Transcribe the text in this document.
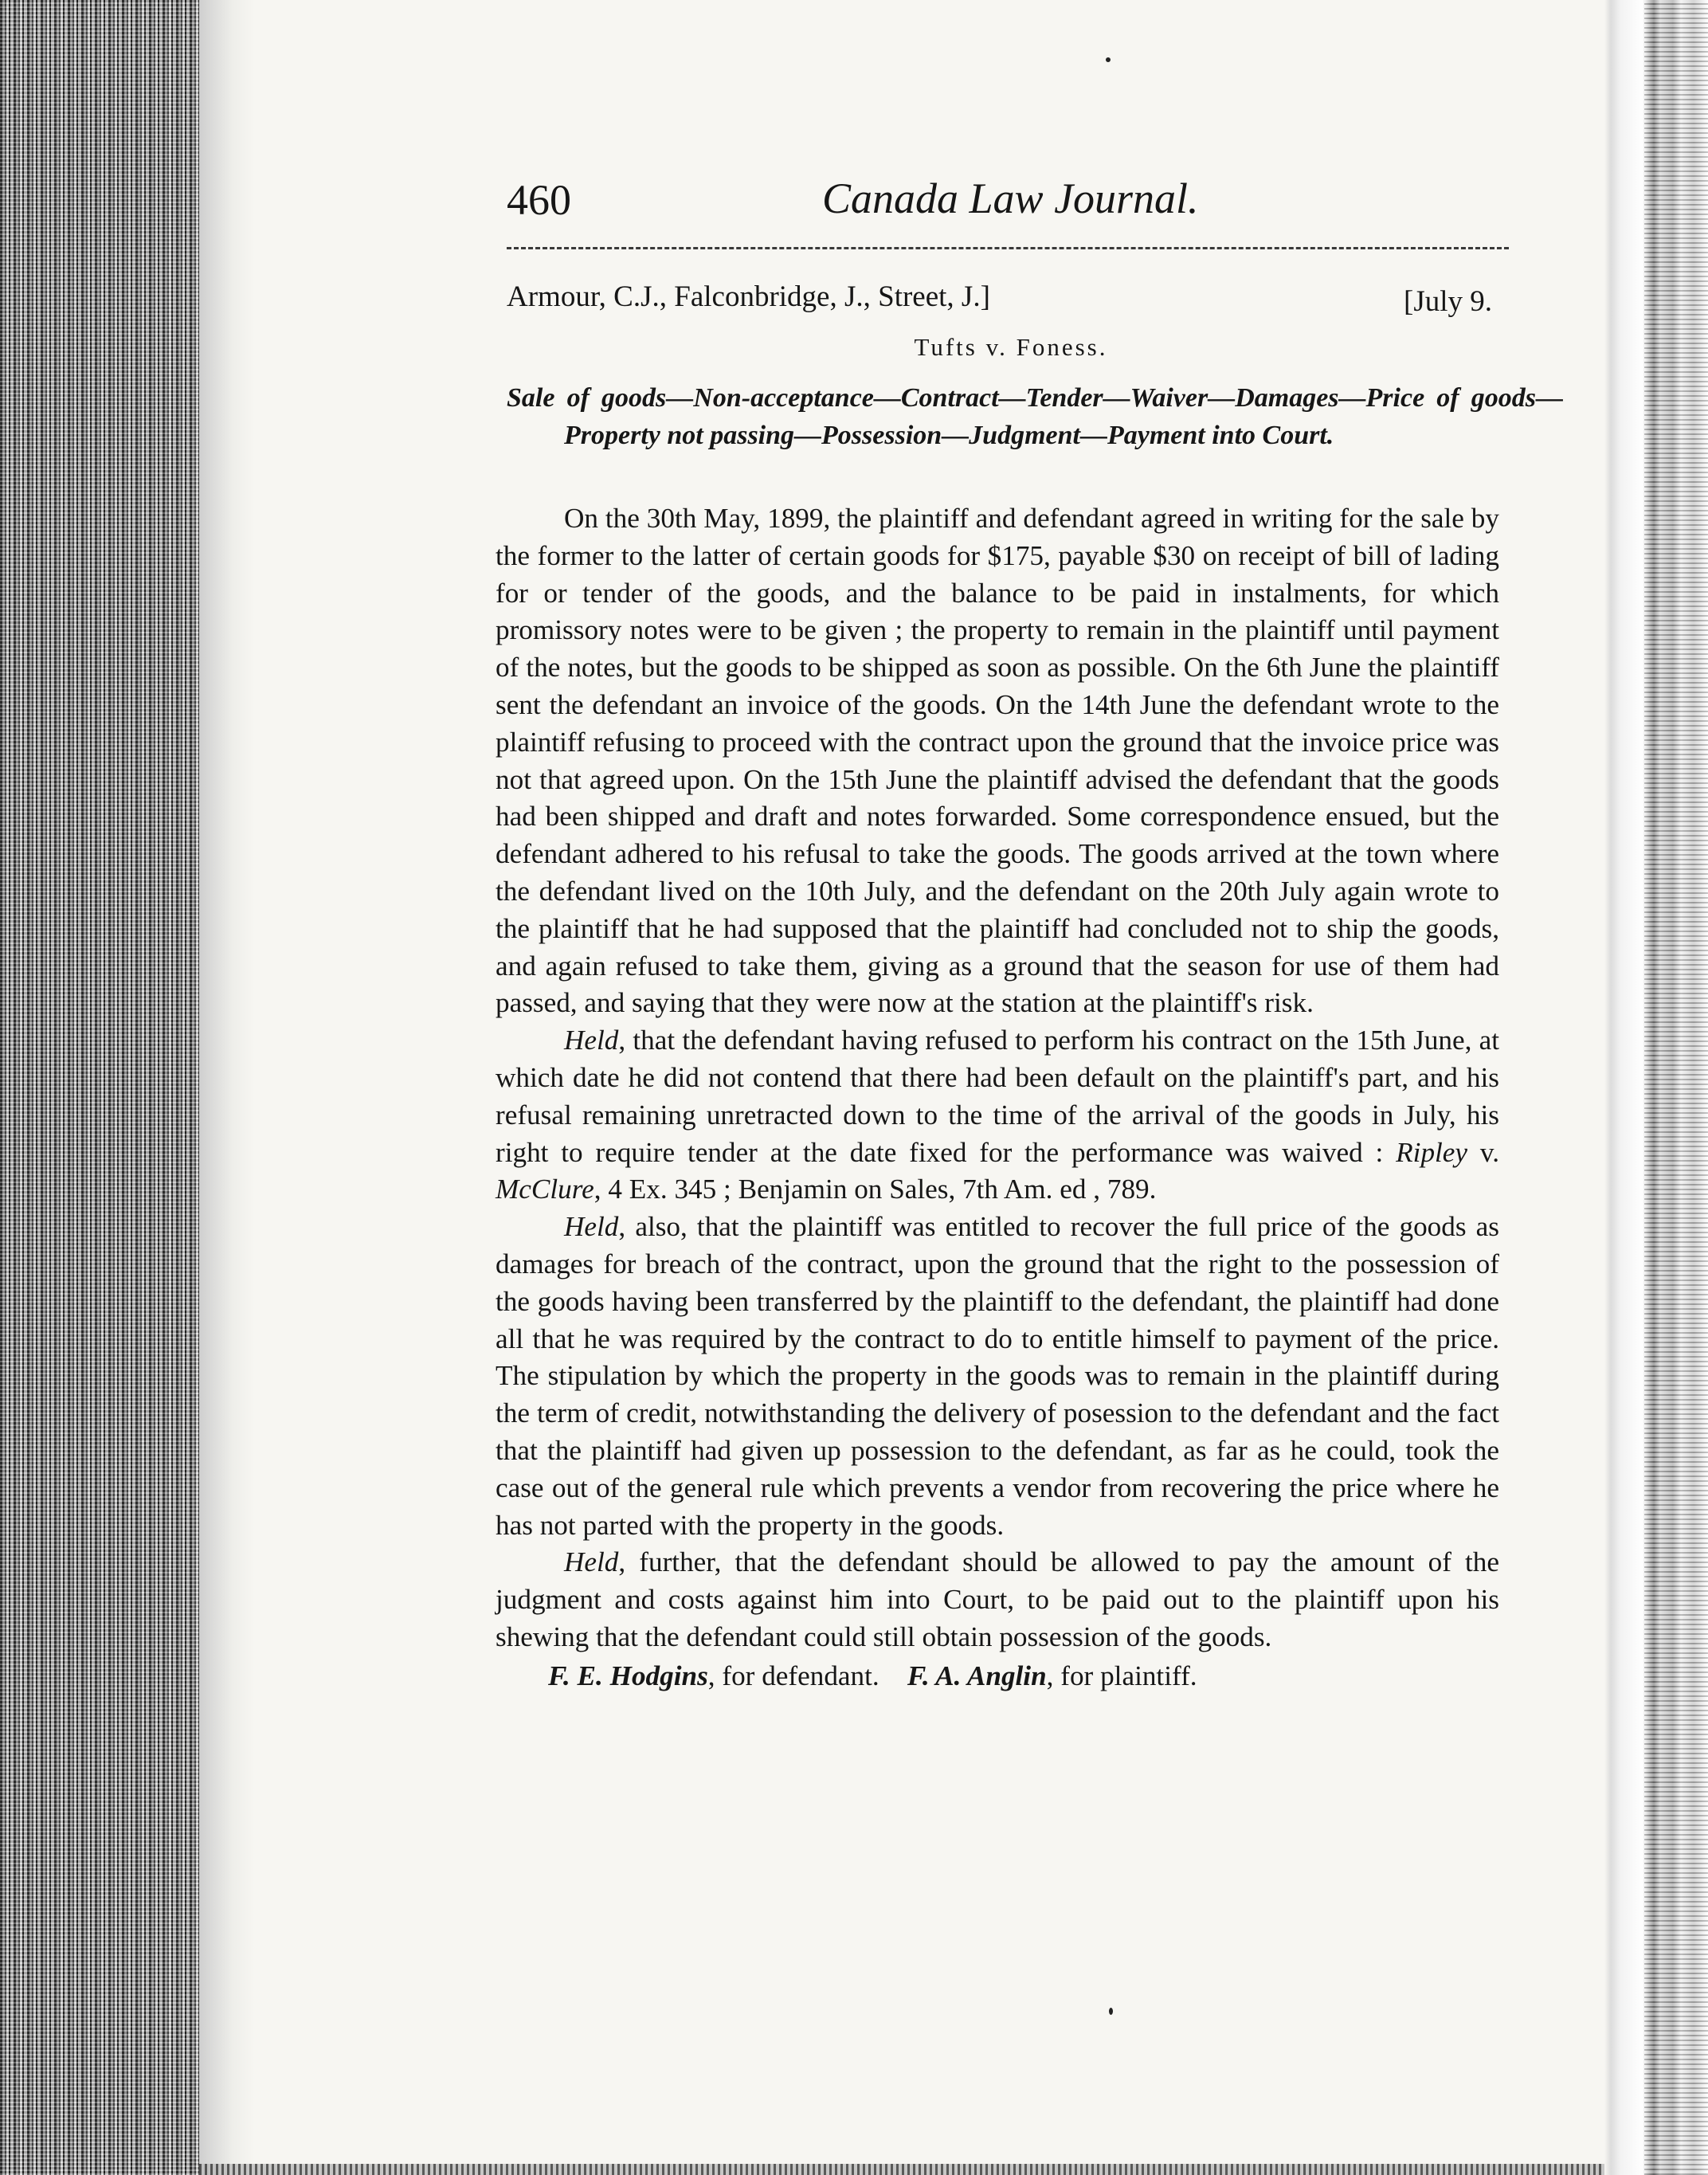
460	Canada Law Journal.
Armour, C.J., Falconbridge, J., Street, J.]	[July 9.
Tufts v. Foness.

Sale of goods—Non-acceptance—Contract—Tender—Waiver—Damages—Price of goods—Property not passing—Possession—Judgment—Payment into Court.

On the 30th May, 1899, the plaintiff and defendant agreed in writing for the sale by the former to the latter of certain goods for $175, payable $30 on receipt of bill of lading for or tender of the goods, and the balance to be paid in instalments, for which promissory notes were to be given ; the property to remain in the plaintiff until payment of the notes, but the goods to be shipped as soon as possible. On the 6th June the plaintiff sent the defendant an invoice of the goods. On the 14th June the defendant wrote to the plaintiff refusing to proceed with the contract upon the ground that the invoice price was not that agreed upon. On the 15th June the plaintiff advised the defendant that the goods had been shipped and draft and notes forwarded. Some correspondence ensued, but the defendant adhered to his refusal to take the goods. The goods arrived at the town where the defendant lived on the 10th July, and the defendant on the 20th July again wrote to the plaintiff that he had supposed that the plaintiff had concluded not to ship the goods, and again refused to take them, giving as a ground that the season for use of them had passed, and saying that they were now at the station at the plaintiff's risk.

Held, that the defendant having refused to perform his contract on the 15th June, at which date he did not contend that there had been default on the plaintiff's part, and his refusal remaining unretracted down to the time of the arrival of the goods in July, his right to require tender at the date fixed for the performance was waived : Ripley v. McClure, 4 Ex. 345 ; Benjamin on Sales, 7th Am. ed , 789.

Held, also, that the plaintiff was entitled to recover the full price of the goods as damages for breach of the contract, upon the ground that the right to the possession of the goods having been transferred by the plaintiff to the defendant, the plaintiff had done all that he was required by the contract to do to entitle himself to payment of the price. The stipulation by which the property in the goods was to remain in the plaintiff during the term of credit, notwithstanding the delivery of posession to the defendant and the fact that the plaintiff had given up possession to the defendant, as far as he could, took the case out of the general rule which prevents a vendor from recovering the price where he has not parted with the property in the goods.

Held, further, that the defendant should be allowed to pay the amount of the judgment and costs against him into Court, to be paid out to the plaintiff upon his shewing that the defendant could still obtain possession of the goods.

F. E. Hodgins, for defendant. F. A. Anglin, for plaintiff.
